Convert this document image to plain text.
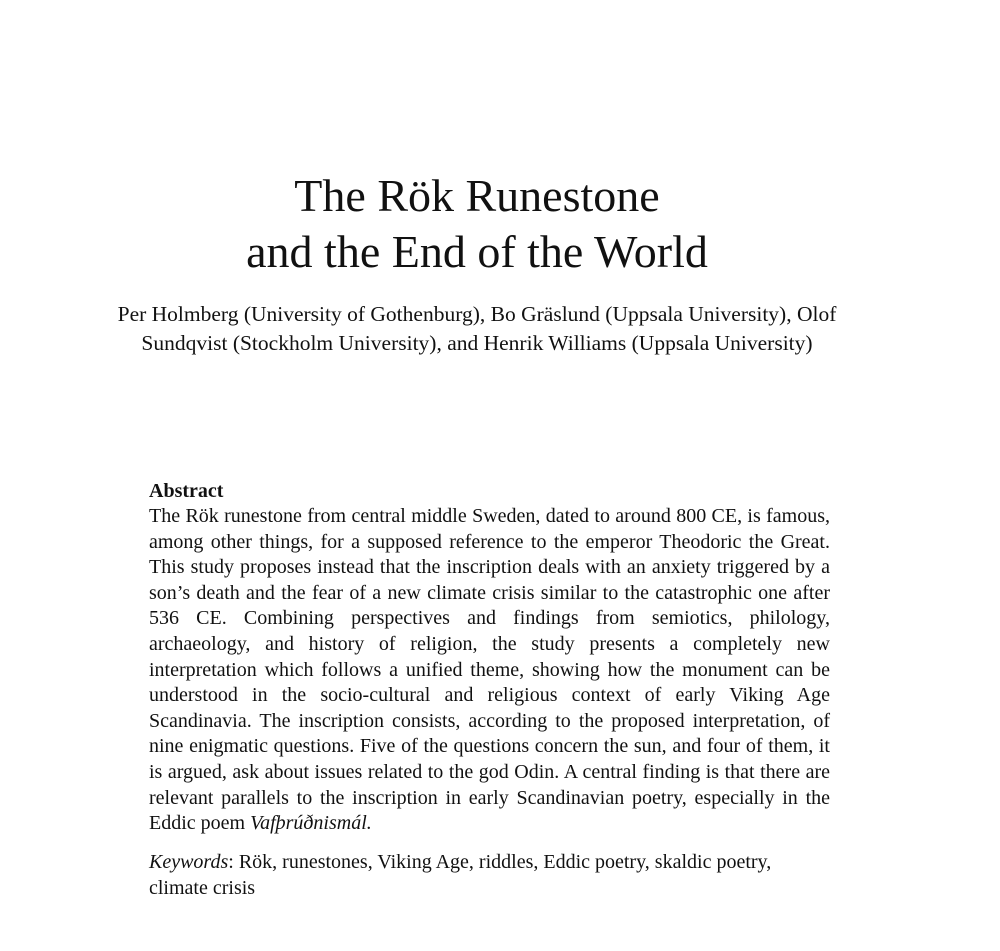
The Rök Runestone
and the End of the World

Per Holmberg (University of Gothenburg), Bo Gräslund (Uppsala University), Olof Sundqvist (Stockholm University), and Henrik Williams (Uppsala University)

Abstract

The Rök runestone from central middle Sweden, dated to around 800 CE, is famous, among other things, for a supposed reference to the emperor Theodoric the Great. This study proposes instead that the inscription deals with an anxiety triggered by a son’s death and the fear of a new climate crisis similar to the catastrophic one after 536 CE. Combining perspectives and findings from semiotics, philology, archaeology, and history of religion, the study presents a completely new interpretation which follows a unified theme, showing how the monument can be understood in the socio-cultural and religious context of early Viking Age Scandinavia. The inscription consists, according to the proposed interpretation, of nine enigmatic questions. Five of the questions concern the sun, and four of them, it is argued, ask about issues related to the god Odin. A central finding is that there are relevant parallels to the inscription in early Scandinavian poetry, especially in the Eddic poem Vafþrúðnismál.

Keywords: Rök, runestones, Viking Age, riddles, Eddic poetry, skaldic poetry, climate crisis
